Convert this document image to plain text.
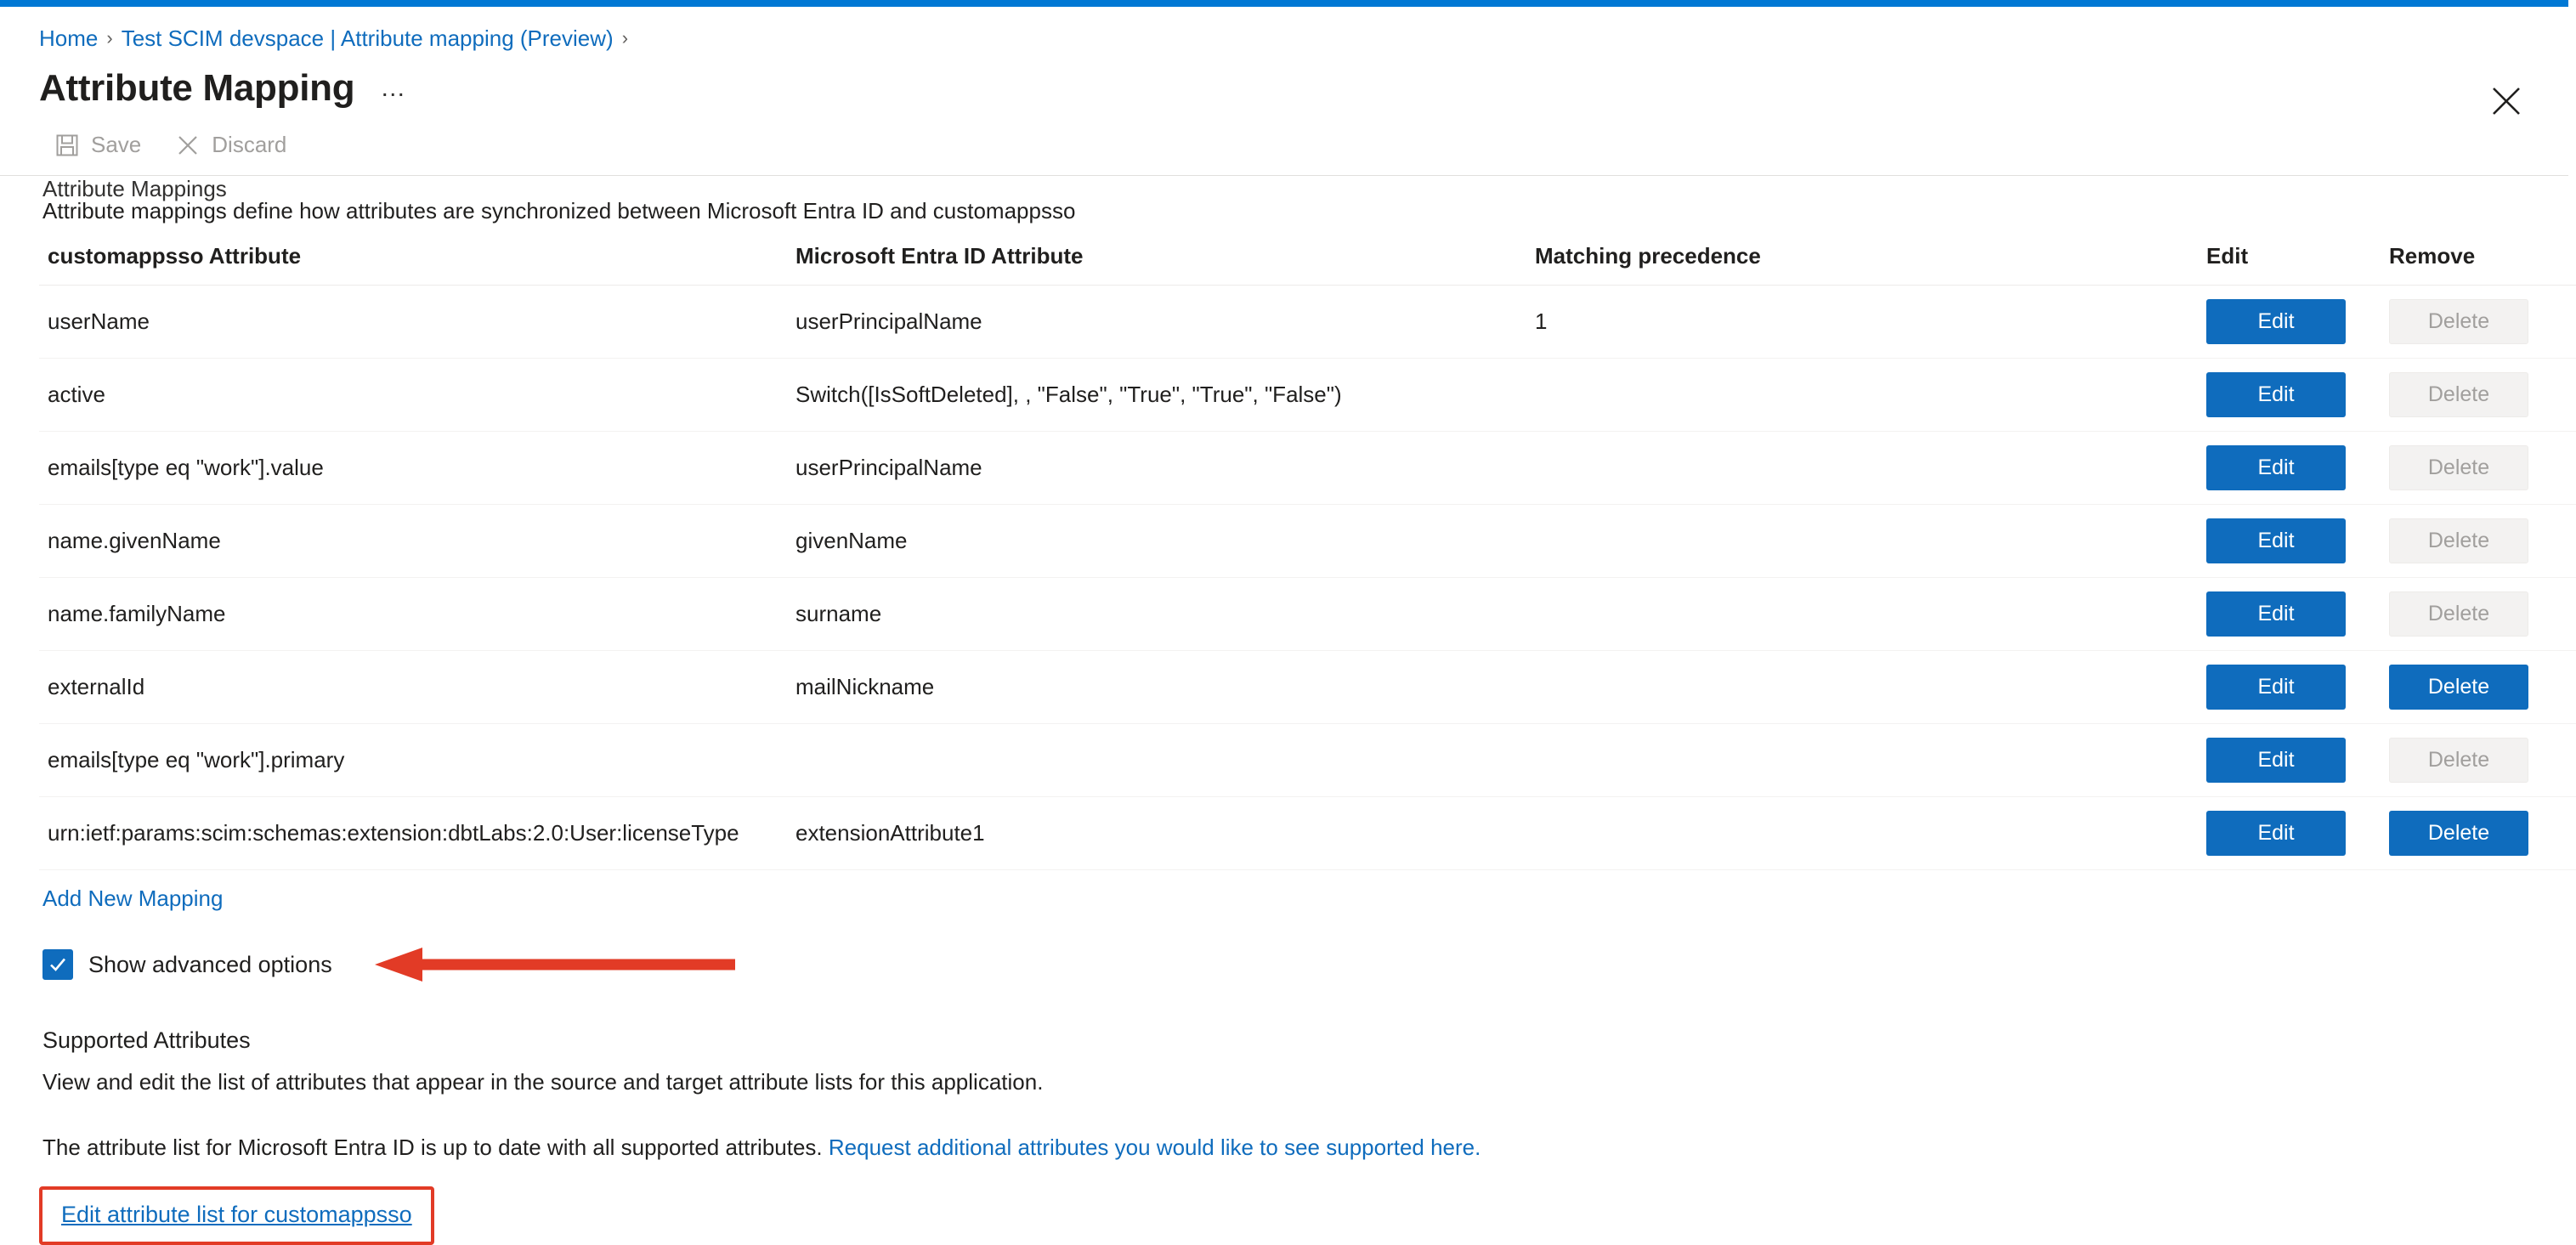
Home › Test SCIM devspace | Attribute mapping (Preview) ›
Attribute Mapping …
Save	Discard
Attribute Mappings
Attribute mappings define how attributes are synchronized between Microsoft Entra ID and customappsso
customappsso Attribute	Microsoft Entra ID Attribute	Matching precedence	Edit	Remove
userName	userPrincipalName	1	Edit	Delete
active	Switch([IsSoftDeleted], , "False", "True", "True", "False")		Edit	Delete
emails[type eq "work"].value	userPrincipalName		Edit	Delete
name.givenName	givenName		Edit	Delete
name.familyName	surname		Edit	Delete
externalId	mailNickname		Edit	Delete
emails[type eq "work"].primary			Edit	Delete
urn:ietf:params:scim:schemas:extension:dbtLabs:2.0:User:licenseType	extensionAttribute1		Edit	Delete
Add New Mapping
Show advanced options
Supported Attributes
View and edit the list of attributes that appear in the source and target attribute lists for this application.
The attribute list for Microsoft Entra ID is up to date with all supported attributes. Request additional attributes you would like to see supported here.
Edit attribute list for customappsso
